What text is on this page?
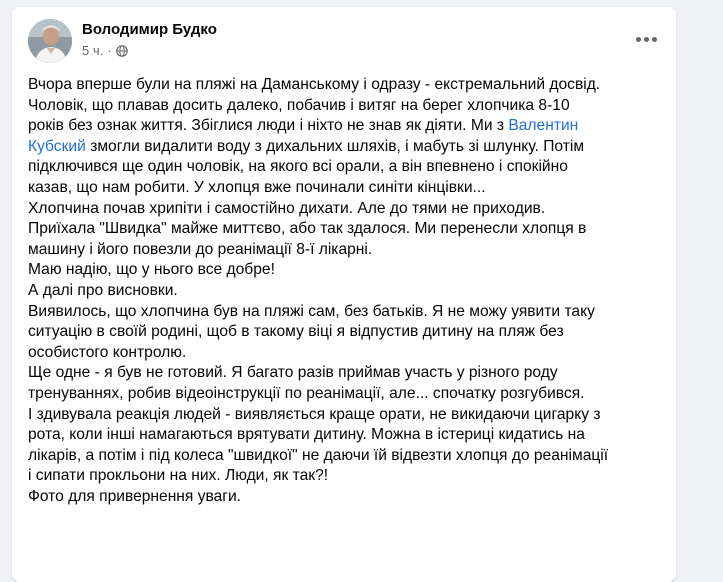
Володимир Будко
5 ч. ·
Вчора вперше були на пляжі на Даманському і одразу - екстремальний досвід.
Чоловік, що плавав досить далеко, побачив і витяг на берег хлопчика 8-10
років без ознак життя. Збіглися люди і ніхто не знав як діяти. Ми з Валентин
Кубский змогли видалити воду з дихальних шляхів, і мабуть зі шлунку. Потім
підключився ще один чоловік, на якого всі орали, а він впевнено і спокійно
казав, що нам робити. У хлопця вже починали синіти кінцівки...
Хлопчина почав хрипіти і самостійно дихати. Але до тями не приходив.
Приїхала "Швидка" майже миттєво, або так здалося. Ми перенесли хлопця в
машину і його повезли до реанімації 8-ї лікарні.
Маю надію, що у нього все добре!
А далі про висновки.
Виявилось, що хлопчина був на пляжі сам, без батьків. Я не можу уявити таку
ситуацію в своїй родині, щоб в такому віці я відпустив дитину на пляж без
особистого контролю.
Ще одне - я був не готовий. Я багато разів приймав участь у різного роду
тренуваннях, робив відеоінструкції по реанімації, але... спочатку розгубився.
І здивувала реакція людей - виявляється краще орати, не викидаючи цигарку з
рота, коли інші намагаються врятувати дитину. Можна в істериці кидатись на
лікарів, а потім і під колеса "швидкої" не даючи їй відвезти хлопця до реанімації
і сипати прокльони на них. Люди, як так?!
Фото для привернення уваги.
